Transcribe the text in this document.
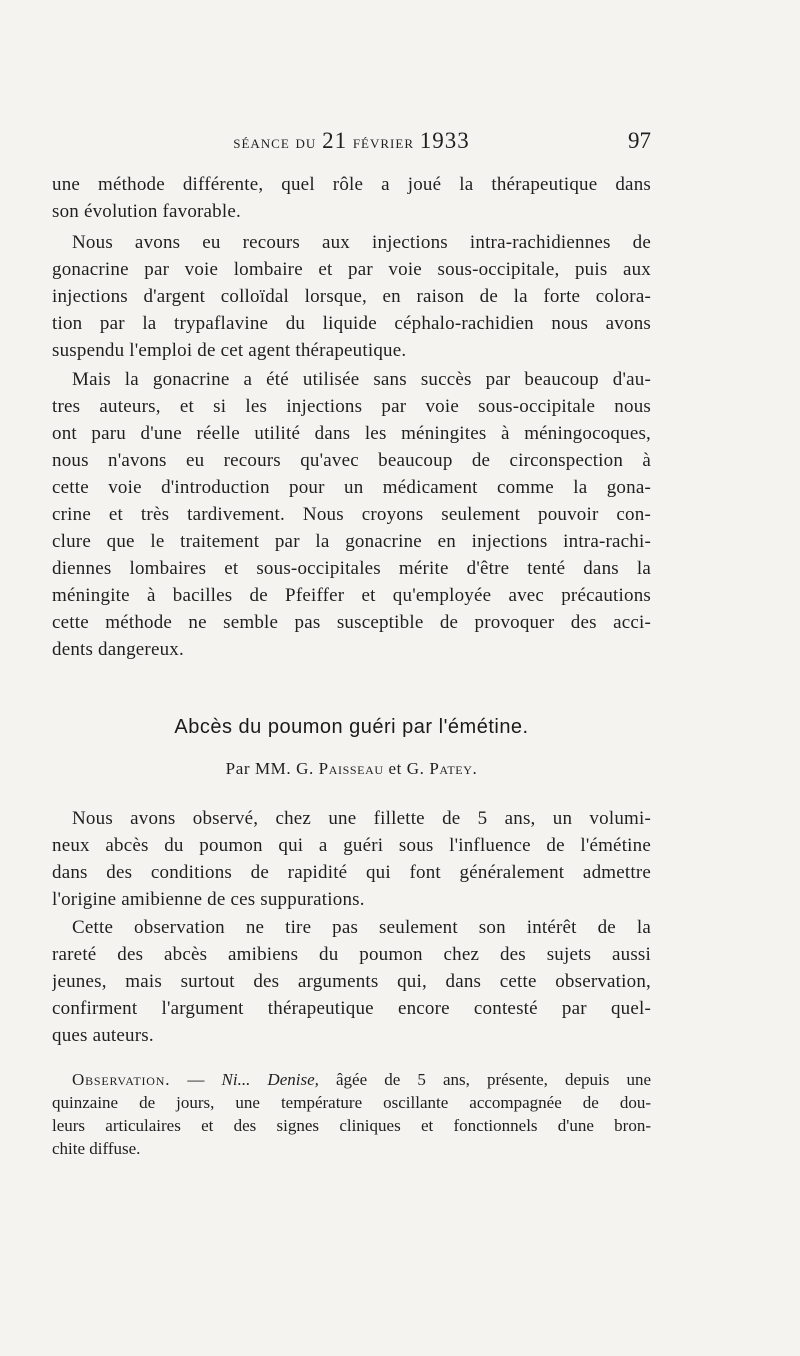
séance du 21 février 1933	97
une méthode différente, quel rôle a joué la thérapeutique dans
son évolution favorable.
Nous avons eu recours aux injections intra-rachidiennes de
gonacrine par voie lombaire et par voie sous-occipitale, puis aux
injections d'argent colloïdal lorsque, en raison de la forte colora-
tion par la trypaflavine du liquide céphalo-rachidien nous avons
suspendu l'emploi de cet agent thérapeutique.
Mais la gonacrine a été utilisée sans succès par beaucoup d'au-
tres auteurs, et si les injections par voie sous-occipitale nous
ont paru d'une réelle utilité dans les méningites à méningocoques,
nous n'avons eu recours qu'avec beaucoup de circonspection à
cette voie d'introduction pour un médicament comme la gona-
crine et très tardivement. Nous croyons seulement pouvoir con-
clure que le traitement par la gonacrine en injections intra-rachi-
diennes lombaires et sous-occipitales mérite d'être tenté dans la
méningite à bacilles de Pfeiffer et qu'employée avec précautions
cette méthode ne semble pas susceptible de provoquer des acci-
dents dangereux.
Abcès du poumon guéri par l'émétine.
Par MM. G. Paisseau et G. Patey.
Nous avons observé, chez une fillette de 5 ans, un volumi-
neux abcès du poumon qui a guéri sous l'influence de l'émétine
dans des conditions de rapidité qui font généralement admettre
l'origine amibienne de ces suppurations.
Cette observation ne tire pas seulement son intérêt de la
rareté des abcès amibiens du poumon chez des sujets aussi
jeunes, mais surtout des arguments qui, dans cette observation,
confirment l'argument thérapeutique encore contesté par quel-
ques auteurs.
Observation. — Ni... Denise, âgée de 5 ans, présente, depuis une
quinzaine de jours, une température oscillante accompagnée de dou-
leurs articulaires et des signes cliniques et fonctionnels d'une bron-
chite diffuse.
